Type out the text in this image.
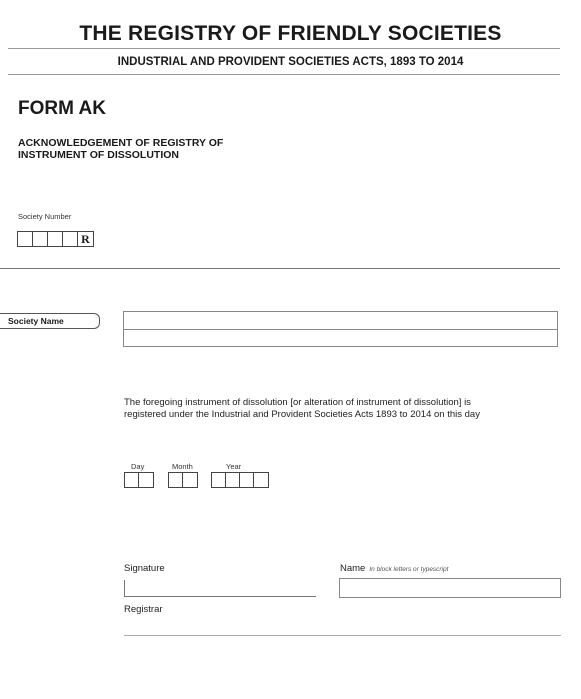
THE REGISTRY OF FRIENDLY SOCIETIES
INDUSTRIAL AND PROVIDENT SOCIETIES ACTS, 1893 TO 2014
FORM AK
ACKNOWLEDGEMENT OF REGISTRY OF INSTRUMENT OF DISSOLUTION
Society Number
R
Society Name
The foregoing instrument of dissolution [or alteration of instrument of dissolution] is registered under the Industrial and Provident Societies Acts 1893 to 2014 on this day
Day	Month	Year
Signature
Registrar
Name In block letters or typescript
